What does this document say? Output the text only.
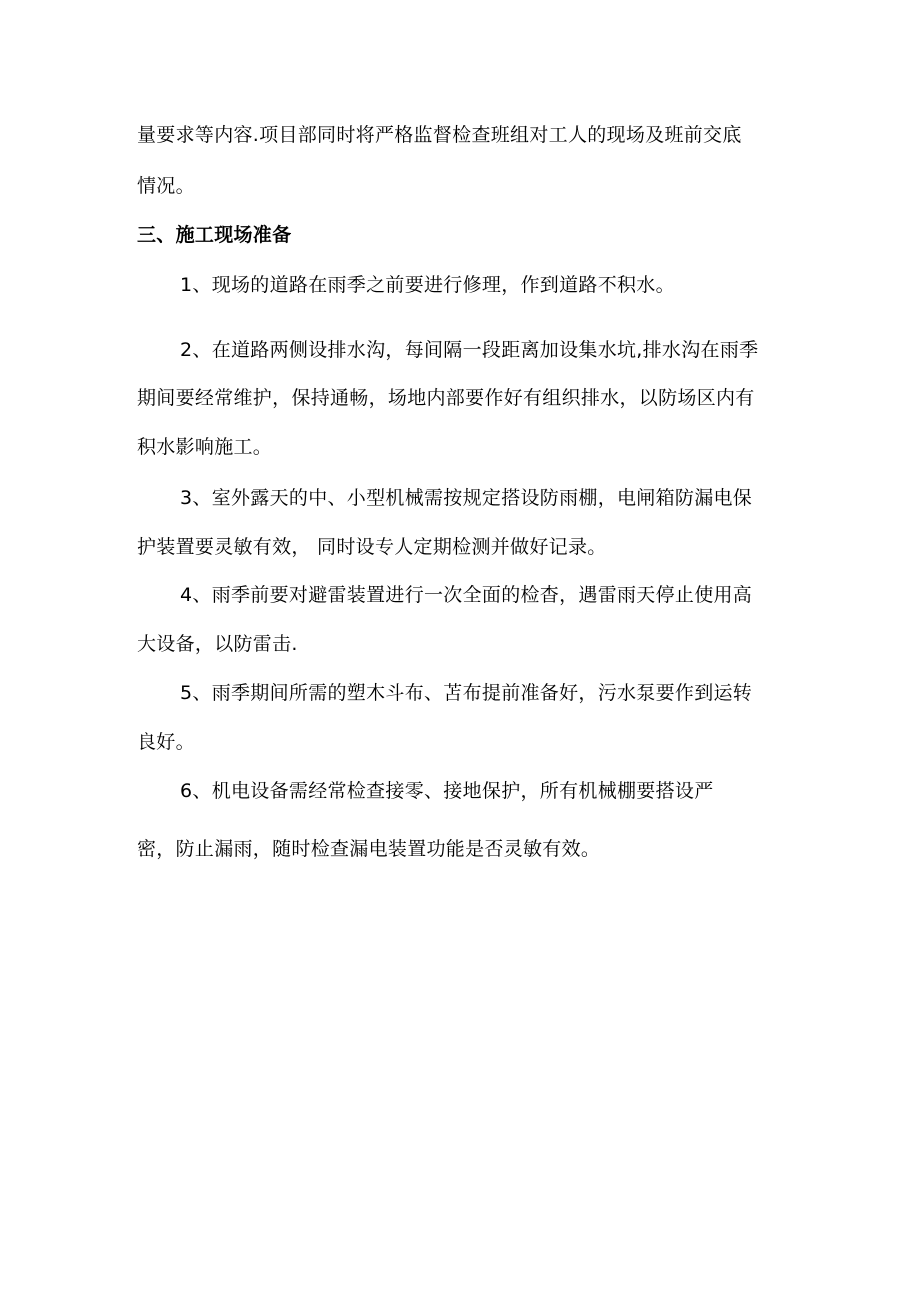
量要求等内容.项目部同时将严格监督检查班组对工人的现场及班前交底
情况。
三、施工现场准备
1、现场的道路在雨季之前要进行修理，作到道路不积水。
2、在道路两侧设排水沟，每间隔一段距离加设集水坑,排水沟在雨季
期间要经常维护，保持通畅，场地内部要作好有组织排水，以防场区内有
积水影响施工。
3、室外露天的中、小型机械需按规定搭设防雨棚，电闸箱防漏电保
护装置要灵敏有效， 同时设专人定期检测并做好记录。
4、雨季前要对避雷装置进行一次全面的检杳，遇雷雨天停止使用高
大设备，以防雷击.
5、雨季期间所需的塑木斗布、苫布提前准备好，污水泵要作到运转
良好。
6、机电设备需经常检查接零、接地保护，所有机械棚要搭设严
密，防止漏雨，随时检查漏电装置功能是否灵敏有效。
